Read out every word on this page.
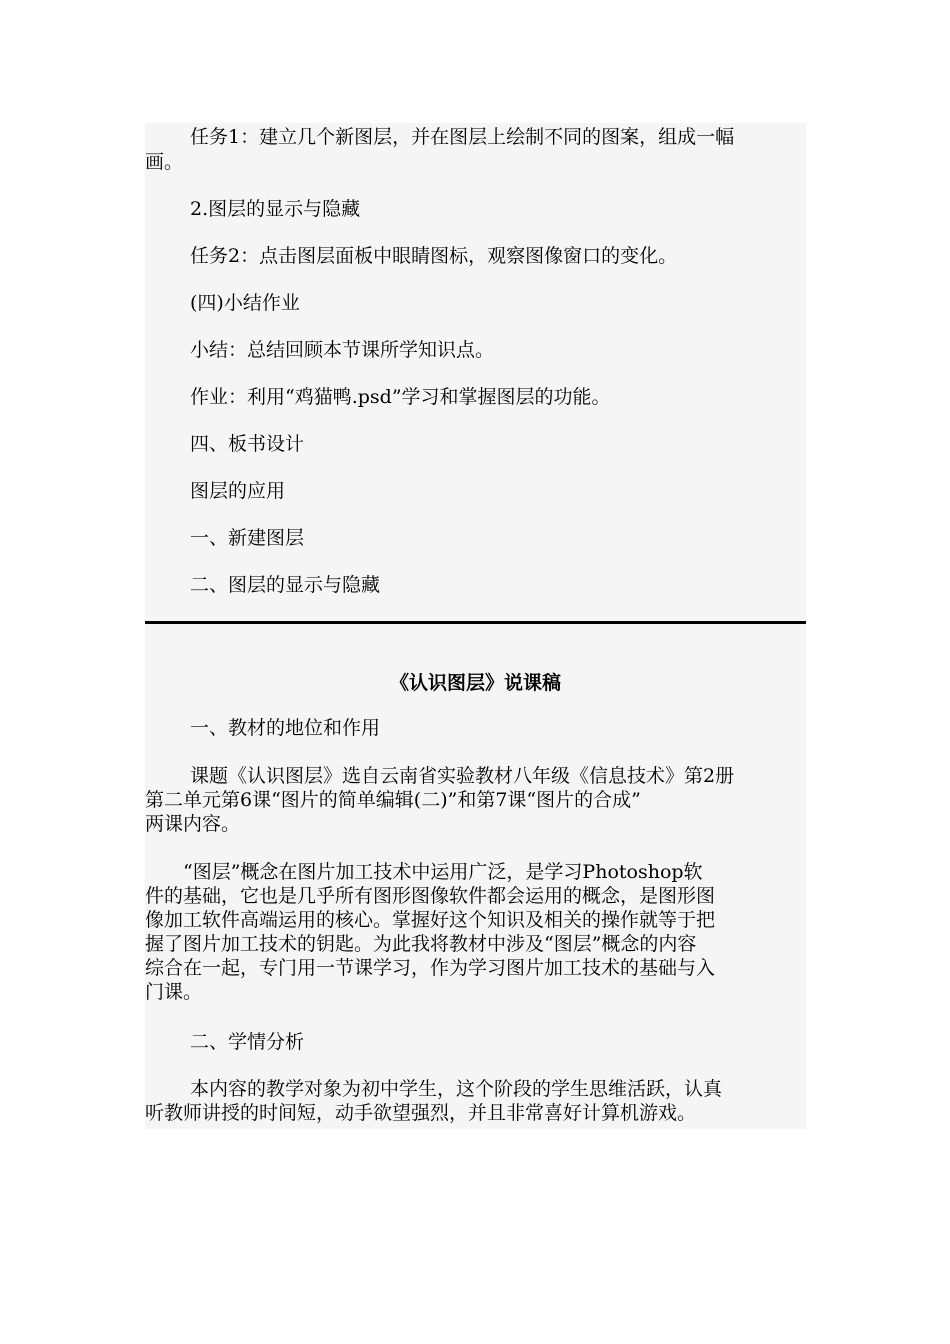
任务1：建立几个新图层，并在图层上绘制不同的图案，组成一幅
画。
2.图层的显示与隐藏
任务2：点击图层面板中眼睛图标，观察图像窗口的变化。
(四)小结作业
小结：总结回顾本节课所学知识点。
作业：利用“鸡猫鸭.psd”学习和掌握图层的功能。
四、板书设计
图层的应用
一、新建图层
二、图层的显示与隐藏
《认识图层》说课稿
一、教材的地位和作用
课题《认识图层》选自云南省实验教材八年级《信息技术》第2册
第二单元第6课“图片的简单编辑(二)”和第7课“图片的合成”
两课内容。
“图层”概念在图片加工技术中运用广泛，是学习Photoshop软
件的基础，它也是几乎所有图形图像软件都会运用的概念，是图形图
像加工软件高端运用的核心。掌握好这个知识及相关的操作就等于把
握了图片加工技术的钥匙。为此我将教材中涉及“图层”概念的内容
综合在一起，专门用一节课学习，作为学习图片加工技术的基础与入
门课。
二、学情分析
本内容的教学对象为初中学生，这个阶段的学生思维活跃，认真
听教师讲授的时间短，动手欲望强烈，并且非常喜好计算机游戏。
